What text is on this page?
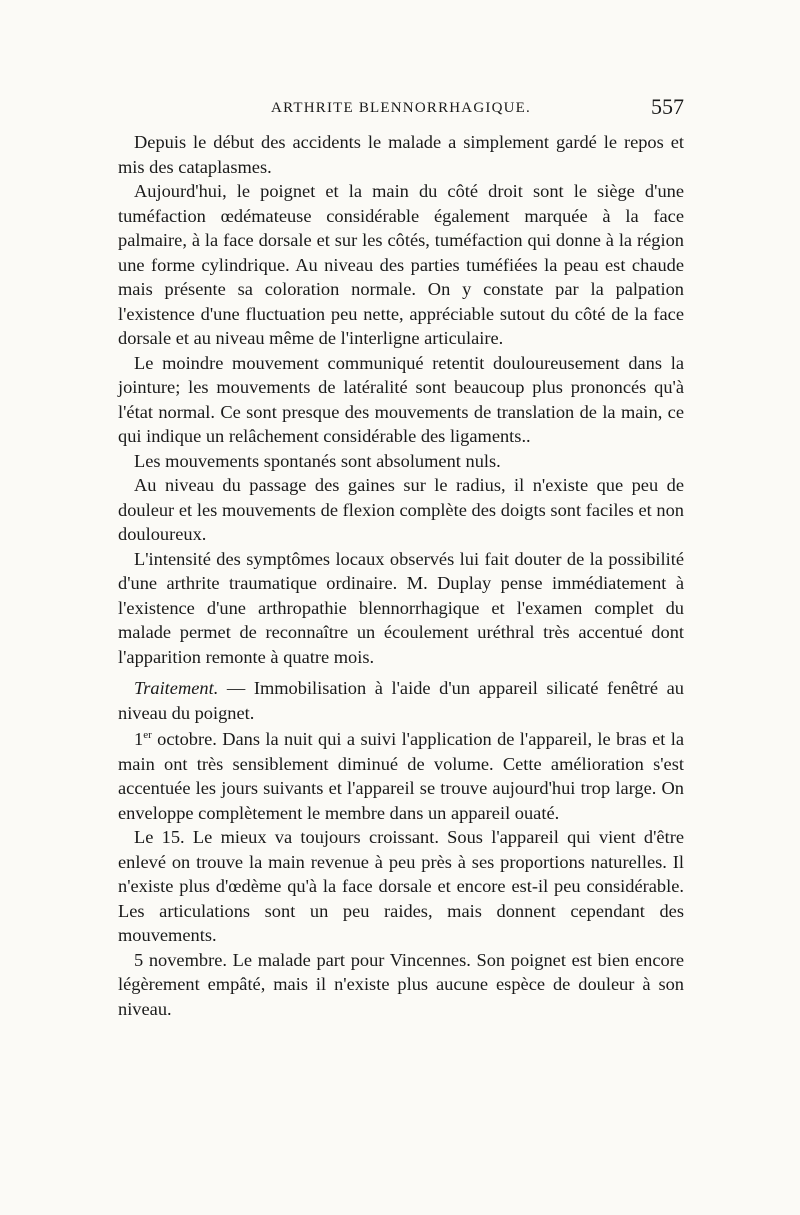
ARTHRITE BLENNORRHAGIQUE.	557

Depuis le début des accidents le malade a simplement gardé le repos et mis des cataplasmes.

Aujourd'hui, le poignet et la main du côté droit sont le siège d'une tuméfaction œdémateuse considérable également marquée à la face palmaire, à la face dorsale et sur les côtés, tuméfaction qui donne à la région une forme cylindrique. Au niveau des parties tuméfiées la peau est chaude mais présente sa coloration normale. On y constate par la palpation l'existence d'une fluctuation peu nette, appréciable sutout du côté de la face dorsale et au niveau même de l'interligne articulaire.

Le moindre mouvement communiqué retentit douloureusement dans la jointure; les mouvements de latéralité sont beaucoup plus prononcés qu'à l'état normal. Ce sont presque des mouvements de translation de la main, ce qui indique un relâchement considérable des ligaments..

Les mouvements spontanés sont absolument nuls.

Au niveau du passage des gaines sur le radius, il n'existe que peu de douleur et les mouvements de flexion complète des doigts sont faciles et non douloureux.

L'intensité des symptômes locaux observés lui fait douter de la possibilité d'une arthrite traumatique ordinaire. M. Duplay pense immédiatement à l'existence d'une arthropathie blennorrhagique et l'examen complet du malade permet de reconnaître un écoulement uréthral très accentué dont l'apparition remonte à quatre mois.

Traitement. — Immobilisation à l'aide d'un appareil silicaté fenêtré au niveau du poignet.

1er octobre. Dans la nuit qui a suivi l'application de l'appareil, le bras et la main ont très sensiblement diminué de volume. Cette amélioration s'est accentuée les jours suivants et l'appareil se trouve aujourd'hui trop large. On enveloppe complètement le membre dans un appareil ouaté.

Le 15. Le mieux va toujours croissant. Sous l'appareil qui vient d'être enlevé on trouve la main revenue à peu près à ses proportions naturelles. Il n'existe plus d'œdème qu'à la face dorsale et encore est-il peu considérable. Les articulations sont un peu raides, mais donnent cependant des mouvements.

5 novembre. Le malade part pour Vincennes. Son poignet est bien encore légèrement empâté, mais il n'existe plus aucune espèce de douleur à son niveau.
